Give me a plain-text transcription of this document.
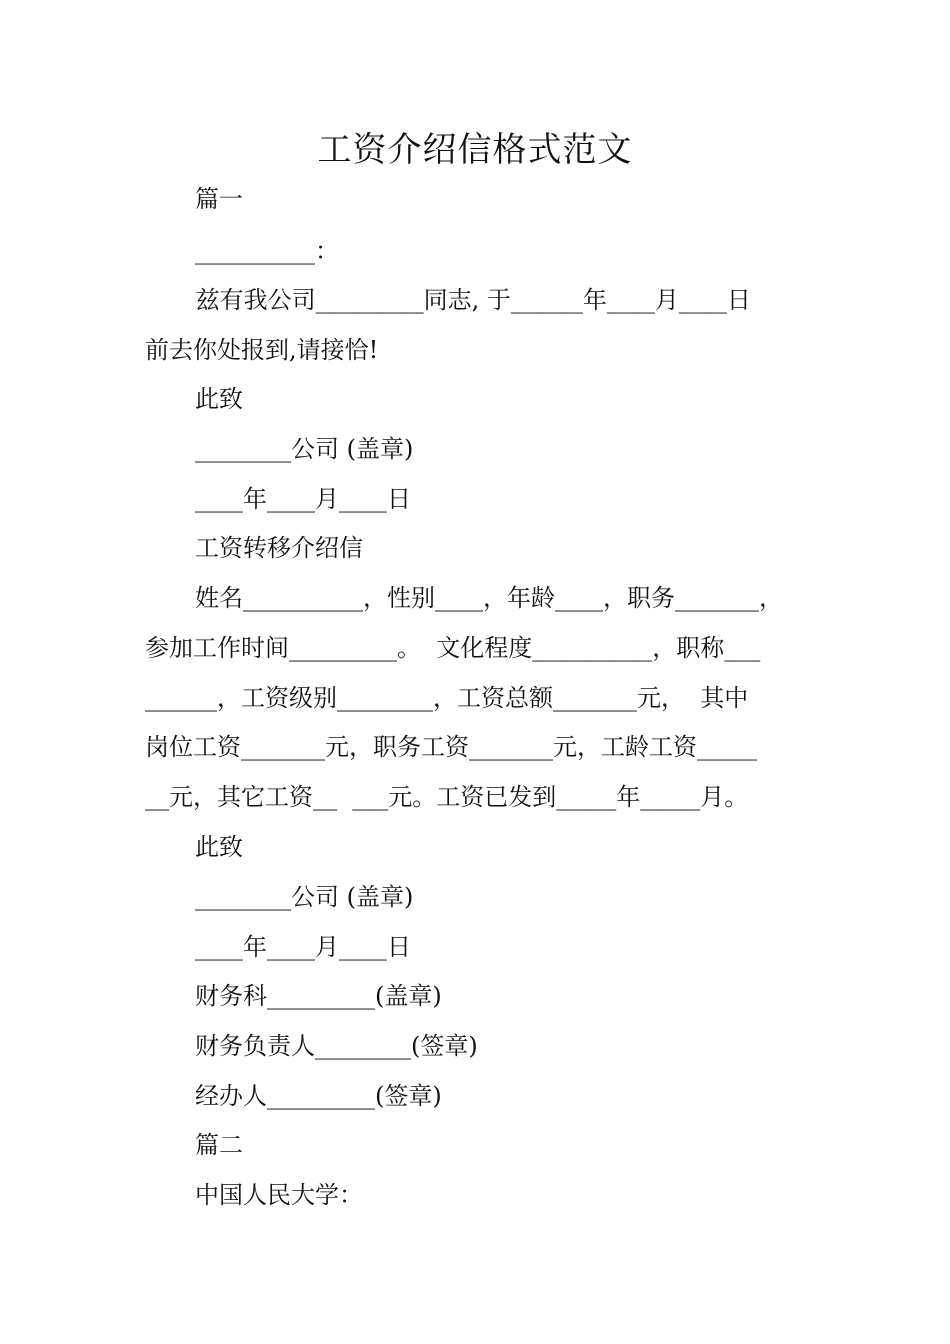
工资介绍信格式范文

篇一

__________：

兹有我公司_________同志, 于______年____月____日

前去你处报到,请接恰!

此致

________公司 (盖章)

____年____月____日

工资转移介绍信

姓名__________，性别____，年龄____，职务_______，

参加工作时间_________。  文化程度__________，职称___

______，工资级别________，工资总额_______元，  其中

岗位工资_______元，职务工资_______元，工龄工资_____

__元，其它工资__  ___元。工资已发到_____年_____月。

此致

________公司 (盖章)

____年____月____日

财务科_________(盖章)

财务负责人________(签章)

经办人_________(签章)

篇二

中国人民大学：
